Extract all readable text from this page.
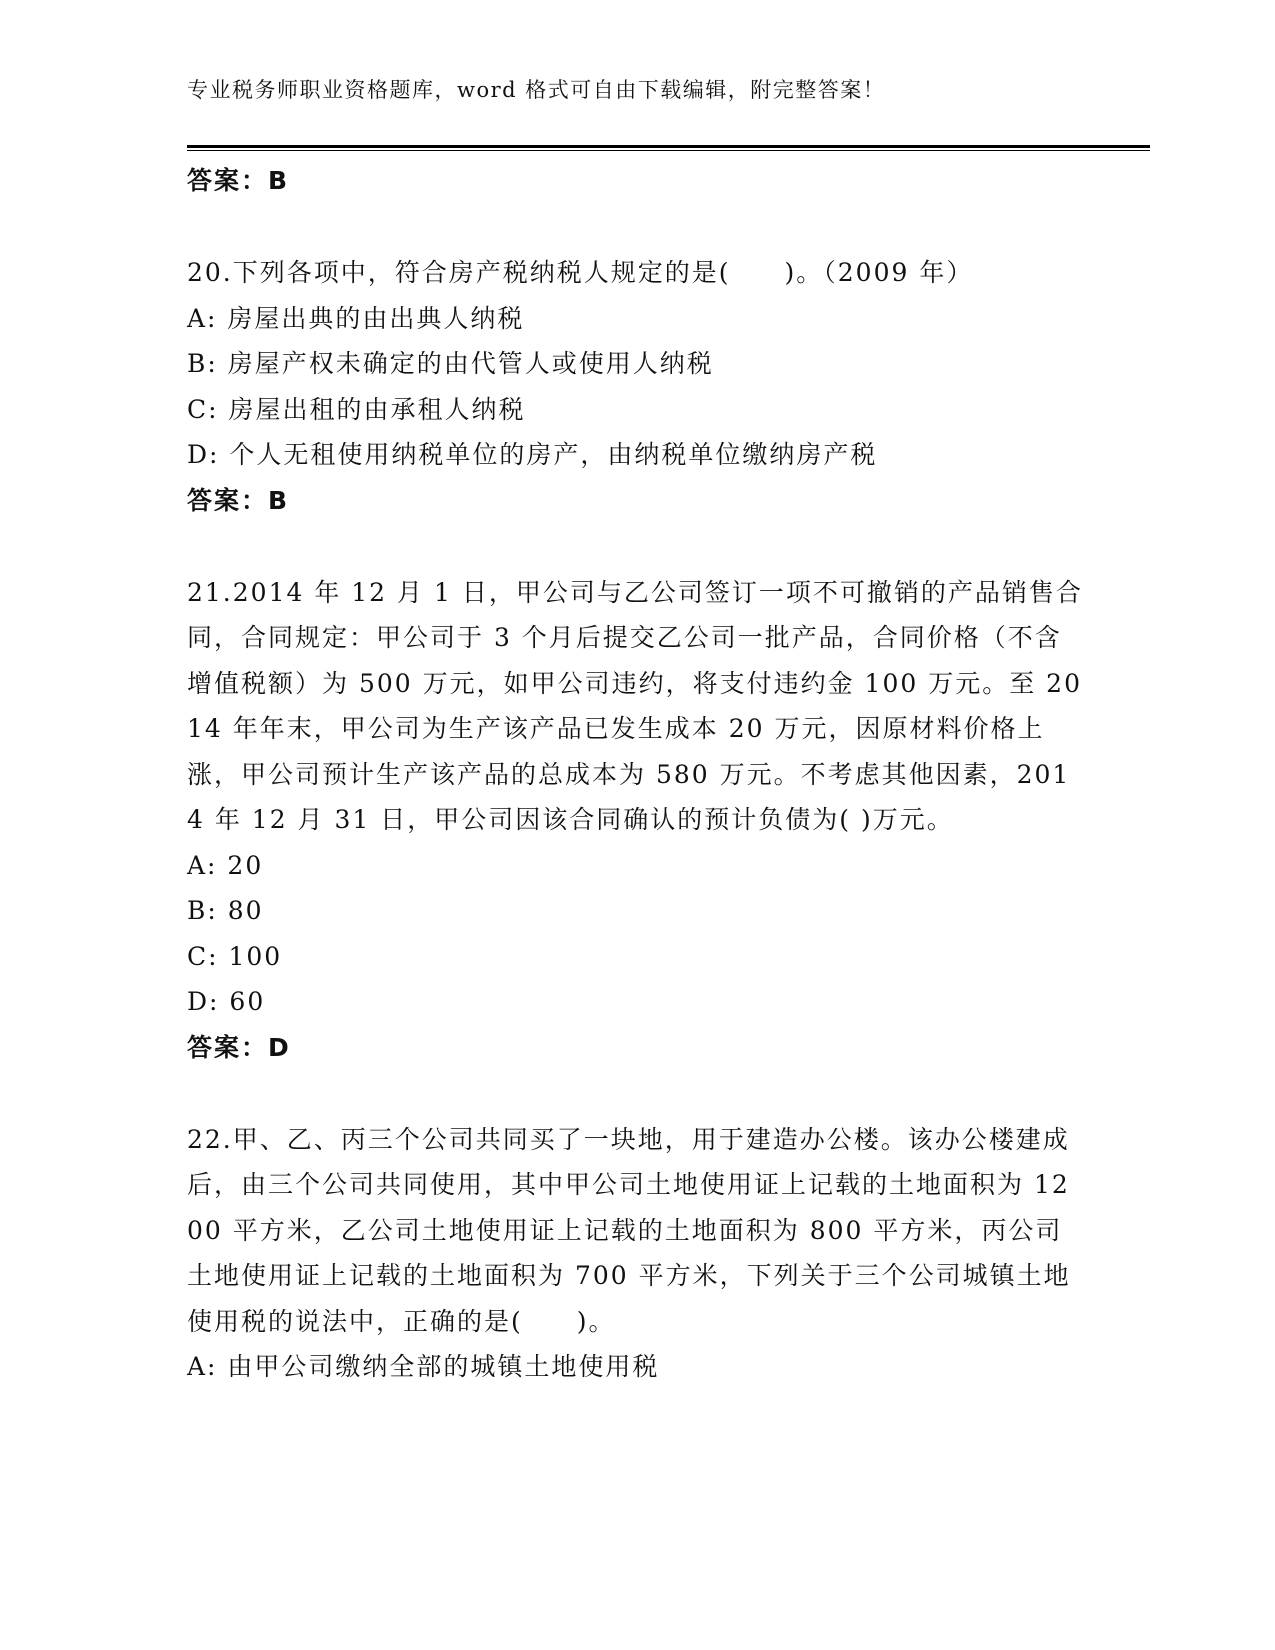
专业税务师职业资格题库，word 格式可自由下载编辑，附完整答案！
答案：B

20.下列各项中，符合房产税纳税人规定的是(　　)。（2009 年）

A: 房屋出典的由出典人纳税
B: 房屋产权未确定的由代管人或使用人纳税
C: 房屋出租的由承租人纳税
D: 个人无租使用纳税单位的房产，由纳税单位缴纳房产税
答案：B

21.2014 年 12 月 1 日，甲公司与乙公司签订一项不可撤销的产品销售合同，合同规定：甲公司于 3 个月后提交乙公司一批产品，合同价格（不含增值税额）为 500 万元，如甲公司违约，将支付违约金 100 万元。至 2014 年年末，甲公司为生产该产品已发生成本 20 万元，因原材料价格上涨，甲公司预计生产该产品的总成本为 580 万元。不考虑其他因素，2014 年 12 月 31 日，甲公司因该合同确认的预计负债为( )万元。

A: 20
B: 80
C: 100
D: 60
答案：D

22.甲、乙、丙三个公司共同买了一块地，用于建造办公楼。该办公楼建成后，由三个公司共同使用，其中甲公司土地使用证上记载的土地面积为 1200 平方米，乙公司土地使用证上记载的土地面积为 800 平方米，丙公司土地使用证上记载的土地面积为 700 平方米，下列关于三个公司城镇土地使用税的说法中，正确的是(　　)。

A: 由甲公司缴纳全部的城镇土地使用税
